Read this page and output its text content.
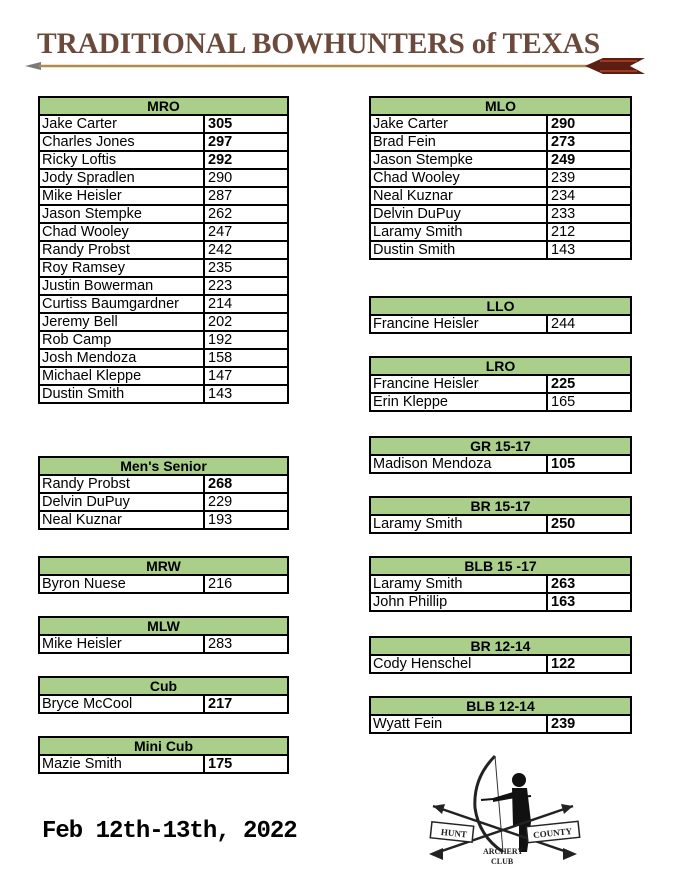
TRADITIONAL BOWHUNTERS of TEXAS
MRO	
Jake Carter	305
Charles Jones	297
Ricky Loftis	292
Jody Spradlen	290
Mike Heisler	287
Jason Stempke	262
Chad Wooley	247
Randy Probst	242
Roy Ramsey	235
Justin Bowerman	223
Curtiss Baumgardner	214
Jeremy Bell	202
Rob Camp	192
Josh Mendoza	158
Michael Kleppe	147
Dustin Smith	143
Men's Senior	
Randy Probst	268
Delvin DuPuy	229
Neal Kuznar	193
MRW
Byron Nuese	216
MLW
Mike Heisler	283
Cub
Bryce McCool	217
Mini Cub
Mazie Smith	175
MLO	
Jake Carter	290
Brad Fein	273
Jason Stempke	249
Chad Wooley	239
Neal Kuznar	234
Delvin DuPuy	233
Laramy Smith	212
Dustin Smith	143
LLO
Francine Heisler	244
LRO	
Francine Heisler	225
Erin Kleppe	165
GR 15-17
Madison Mendoza	105
BR 15-17
Laramy Smith	250
BLB 15 -17	
Laramy Smith	263
John Phillip	163
BR 12-14
Cody Henschel	122
BLB 12-14
Wyatt Fein	239
Feb 12th-13th, 2022	HUNT	COUNTY
ARCHERY
CLUB
